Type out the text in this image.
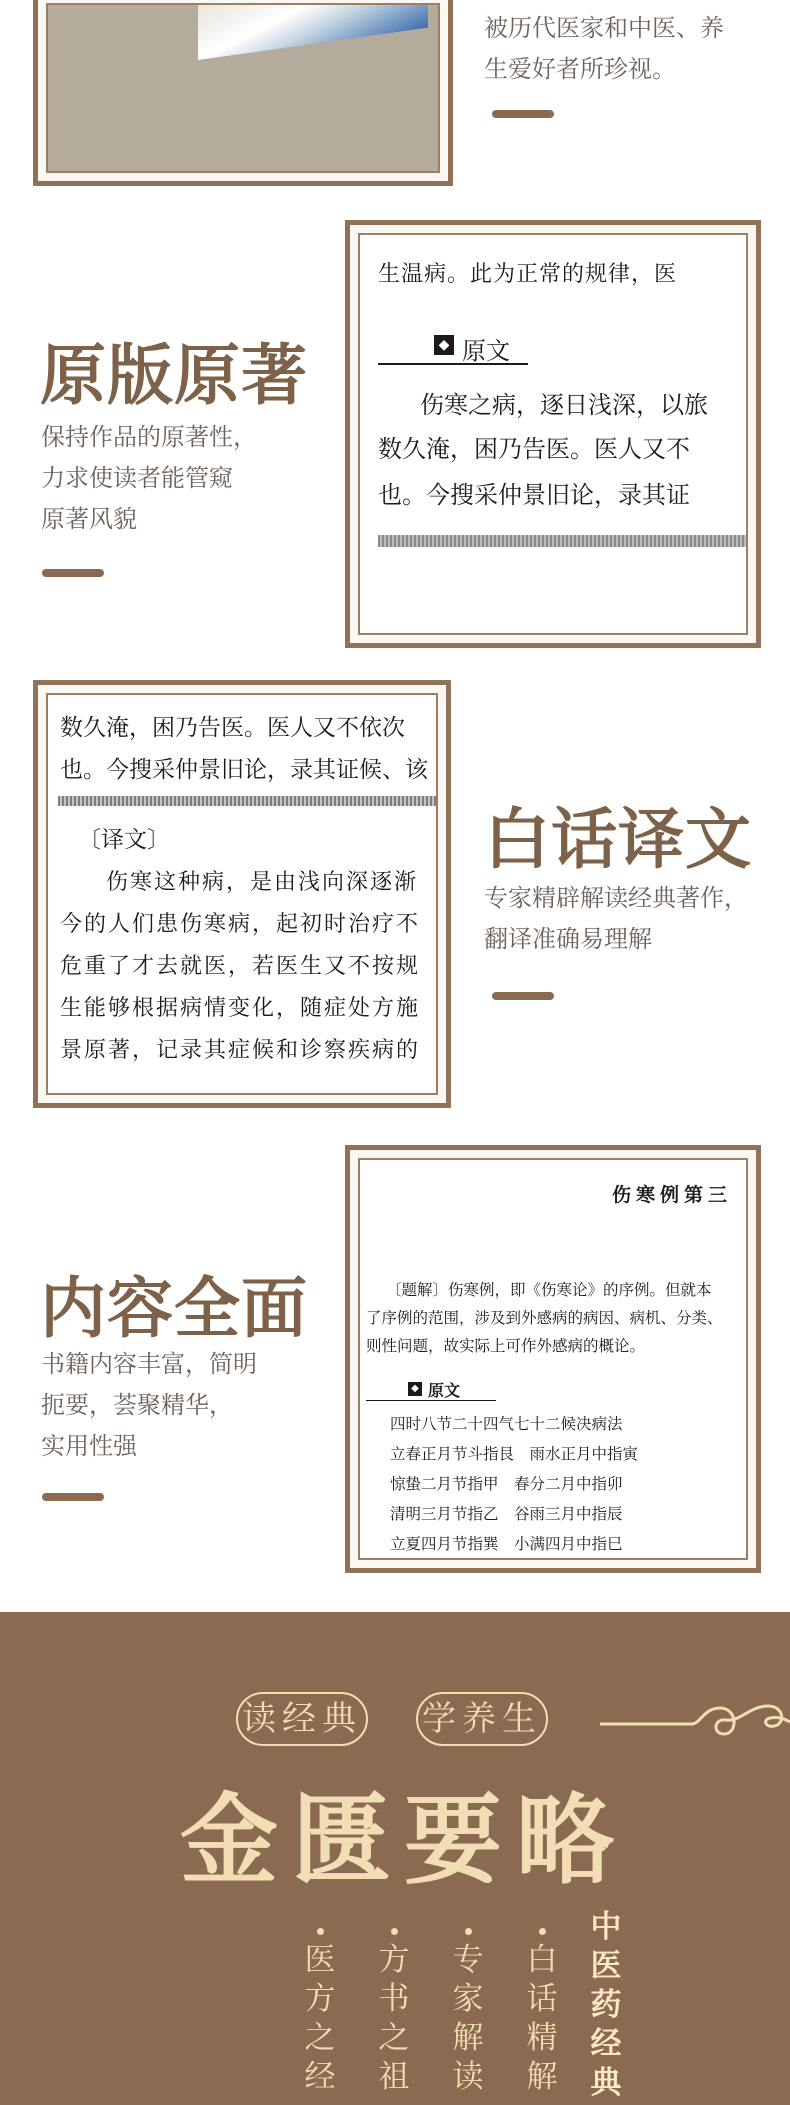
被历代医家和中医、养
生爱好者所珍视。
原版原著
保持作品的原著性，
力求使读者能管窥
原著风貌
生温病。此为正常的规律，医
◆ 原文
伤寒之病，逐日浅深，以旅
数久淹，困乃告医。医人又不
也。今搜采仲景旧论，录其证
数久淹，困乃告医。医人又不依次
也。今搜采仲景旧论，录其证候、该
〔译文〕
伤寒这种病，是由浅向深逐渐
今的人们患伤寒病，起初时治疗不
危重了才去就医，若医生又不按规
生能够根据病情变化，随症处方施
景原著，记录其症候和诊察疾病的
白话译文
专家精辟解读经典著作，
翻译准确易理解
内容全面
书籍内容丰富，简明
扼要，荟聚精华，
实用性强
伤寒例第三
〔题解〕伤寒例，即《伤寒论》的序例。但就本
了序例的范围，涉及到外感病的病因、病机、分类、
则性问题，故实际上可作外感病的概论。
◆ 原文
四时八节二十四气七十二候决病法
立春正月节斗指艮　雨水正月中指寅
惊蛰二月节指甲　春分二月中指卯
清明三月节指乙　谷雨三月中指辰
立夏四月节指巽　小满四月中指巳
读经典 学养生
金匮要略
医
方
之
经
方
书
之
祖
专
家
解
读
白
话
精
解
中
医
药
经
典
